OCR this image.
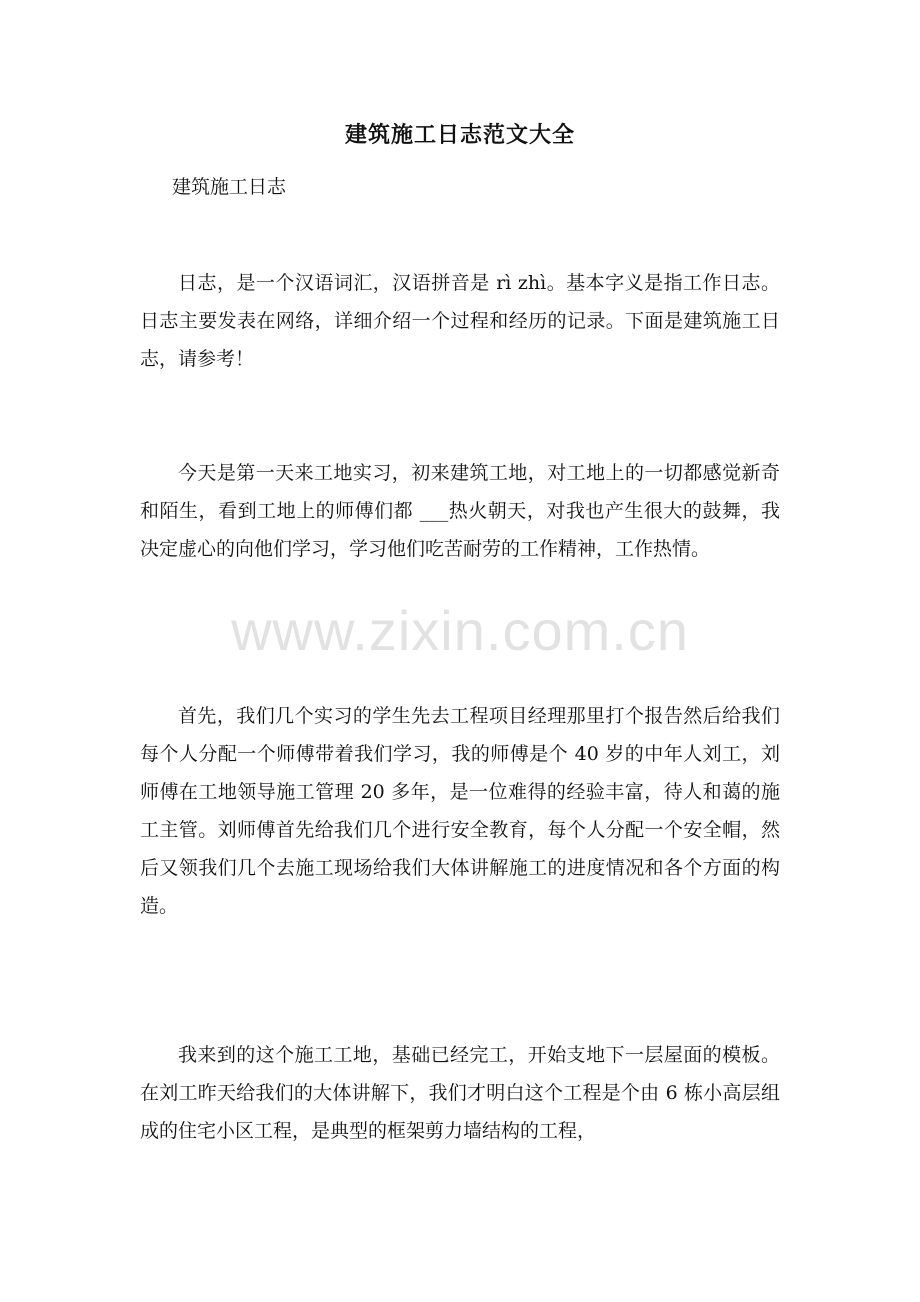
建筑施工日志范文大全

建筑施工日志

日志，是一个汉语词汇，汉语拼音是 rì zhì。基本字义是指工作日志。日志主要发表在网络，详细介绍一个过程和经历的记录。下面是建筑施工日志，请参考！

今天是第一天来工地实习，初来建筑工地，对工地上的一切都感觉新奇和陌生，看到工地上的师傅们都 ___热火朝天，对我也产生很大的鼓舞，我决定虚心的向他们学习，学习他们吃苦耐劳的工作精神，工作热情。

首先，我们几个实习的学生先去工程项目经理那里打个报告然后给我们每个人分配一个师傅带着我们学习，我的师傅是个 40 岁的中年人刘工，刘师傅在工地领导施工管理 20 多年，是一位难得的经验丰富，待人和蔼的施工主管。刘师傅首先给我们几个进行安全教育，每个人分配一个安全帽，然后又领我们几个去施工现场给我们大体讲解施工的进度情况和各个方面的构造。

我来到的这个施工工地，基础已经完工，开始支地下一层屋面的模板。在刘工昨天给我们的大体讲解下，我们才明白这个工程是个由 6 栋小高层组成的住宅小区工程，是典型的框架剪力墙结构的工程，

www.zixin.com.cn
